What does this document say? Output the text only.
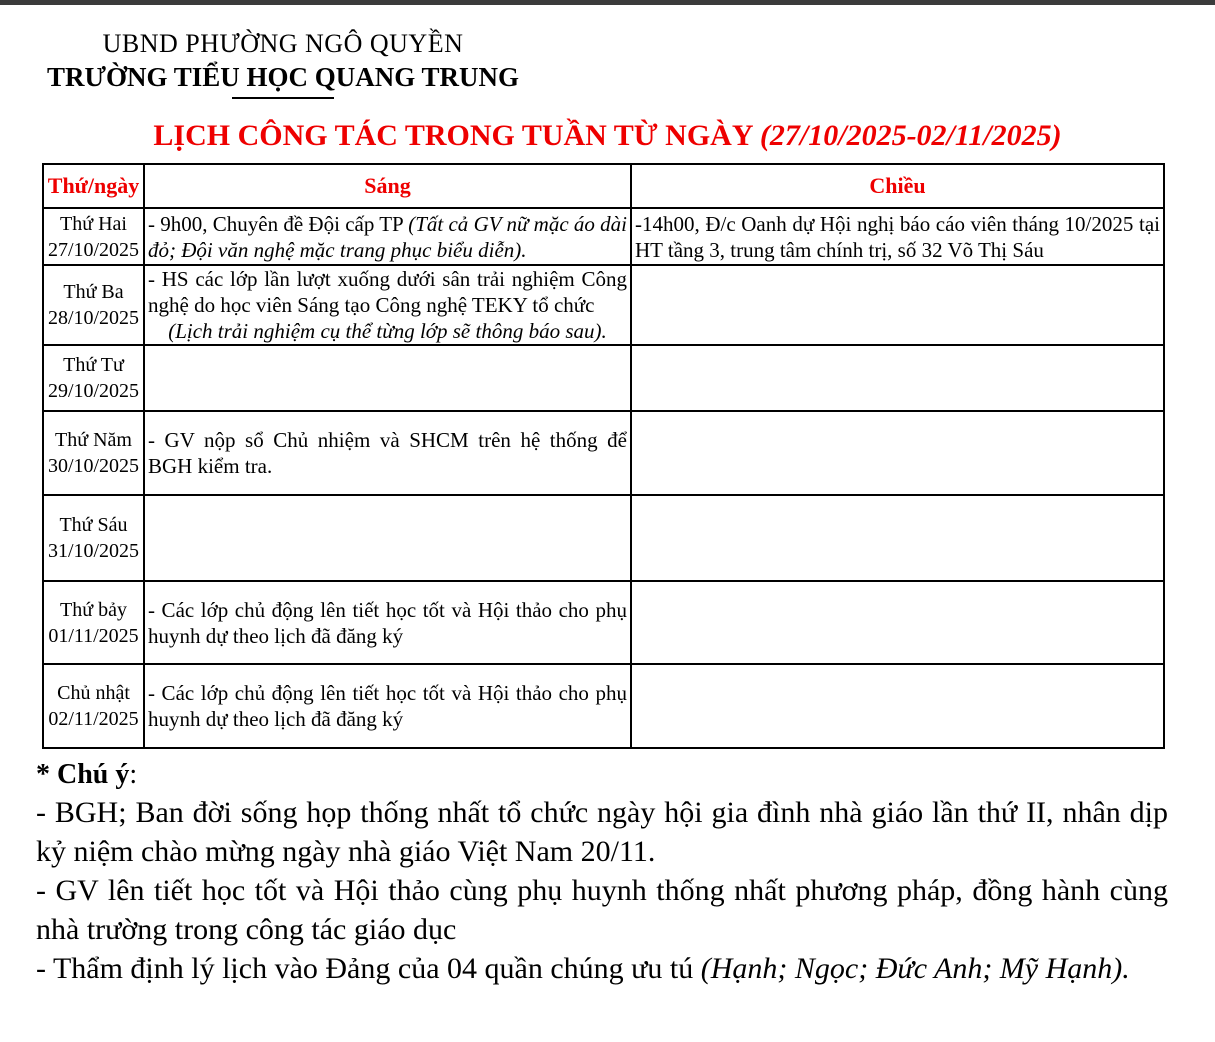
UBND PHƯỜNG NGÔ QUYỀN
TRƯỜNG TIỂU HỌC QUANG TRUNG
LỊCH CÔNG TÁC TRONG TUẦN TỪ NGÀY (27/10/2025-02/11/2025)
Thứ/ngày	Sáng	Chiều

Thứ Hai
27/10/2025	- 9h00, Chuyên đề Đội cấp TP (Tất cả GV nữ mặc áo dài đỏ; Đội văn nghệ mặc trang phục biểu diễn).	-14h00, Đ/c Oanh dự Hội nghị báo cáo viên tháng 10/2025 tại HT tầng 3, trung tâm chính trị, số 32 Võ Thị Sáu

Thứ Ba
28/10/2025
	- HS các lớp lần lượt xuống dưới sân trải nghiệm Công nghệ do học viên Sáng tạo Công nghệ TEKY tổ chức
(Lịch trải nghiệm cụ thể từng lớp sẽ thông báo sau).

Thứ Tư
29/10/2025		

Thứ Năm
30/10/2025	- GV nộp sổ Chủ nhiệm và SHCM trên hệ thống để BGH kiểm tra.	

Thứ Sáu
31/10/2025		

Thứ bảy
01/11/2025	- Các lớp chủ động lên tiết học tốt và Hội thảo cho phụ huynh dự theo lịch đã đăng ký	

Chủ nhật
02/11/2025	- Các lớp chủ động lên tiết học tốt và Hội thảo cho phụ huynh dự theo lịch đã đăng ký	
* Chú ý:
- BGH; Ban đời sống họp thống nhất tổ chức ngày hội gia đình nhà giáo lần thứ II, nhân dịp kỷ niệm chào mừng ngày nhà giáo Việt Nam 20/11.
- GV lên tiết học tốt và Hội thảo cùng phụ huynh thống nhất phương pháp, đồng hành cùng nhà trường trong công tác giáo dục
- Thẩm định lý lịch vào Đảng của 04 quần chúng ưu tú (Hạnh; Ngọc; Đức Anh; Mỹ Hạnh).
